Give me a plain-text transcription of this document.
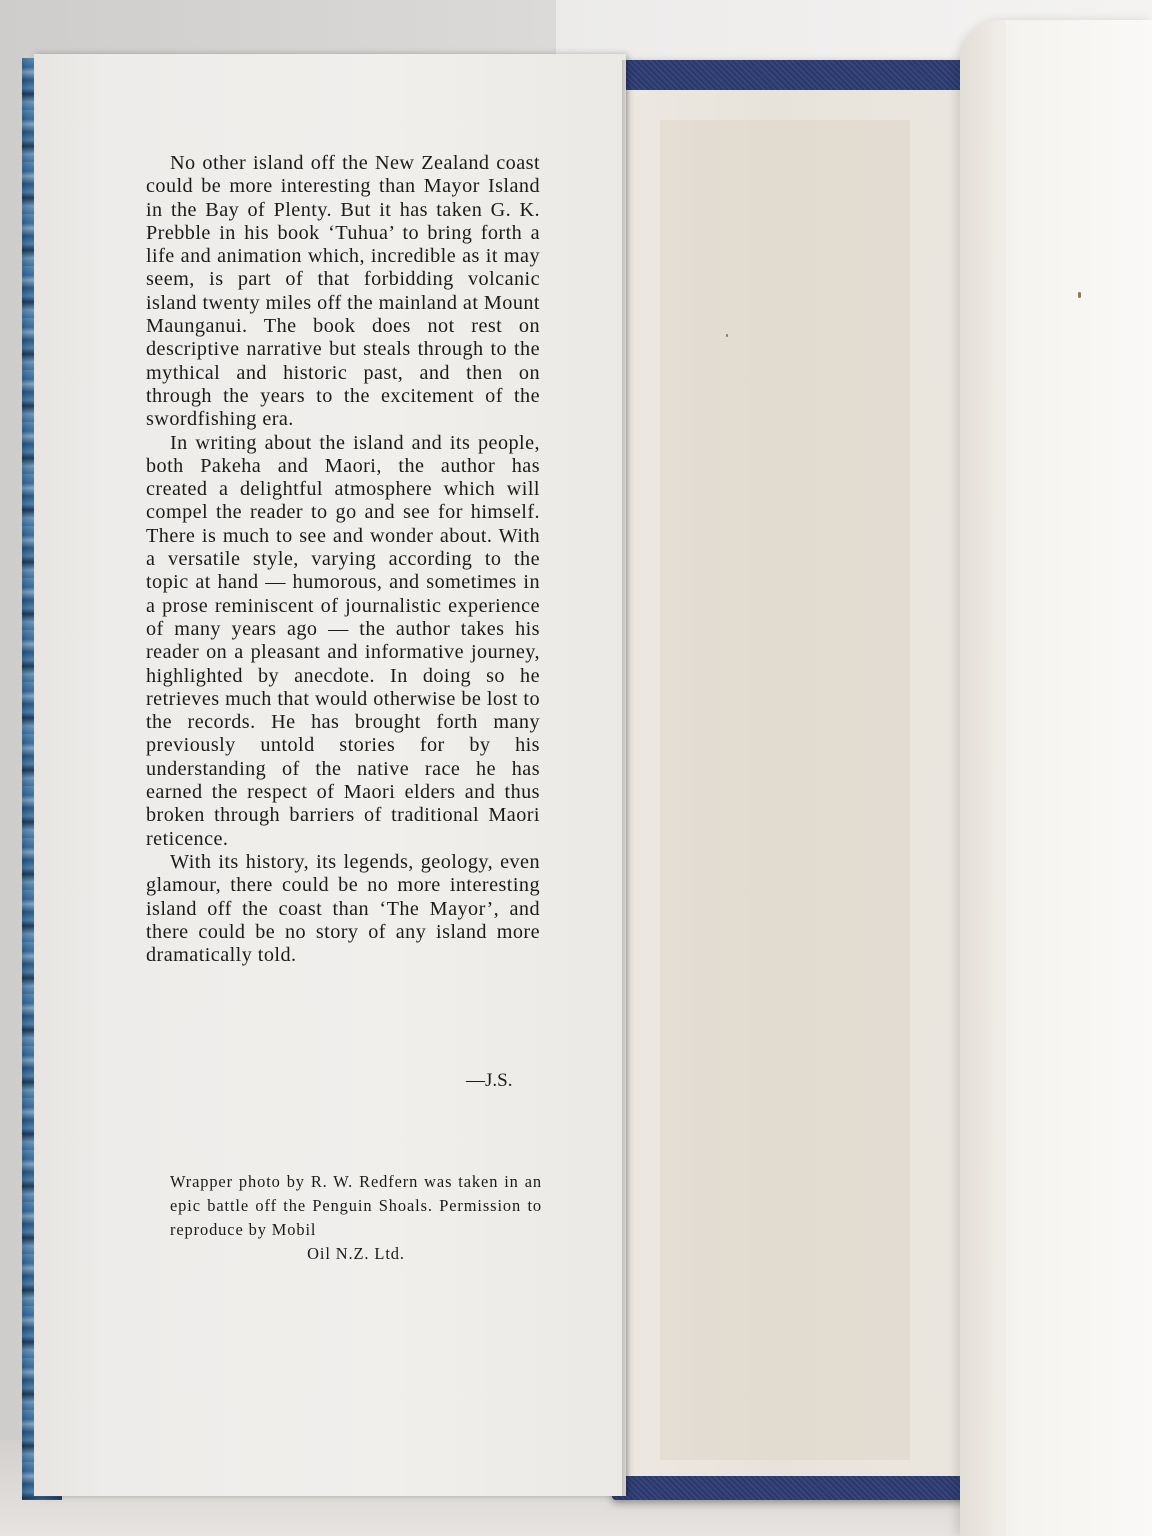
No other island off the New Zealand coast could be more interesting than Mayor Island in the Bay of Plenty. But it has taken G. K. Prebble in his book ‘Tuhua’ to bring forth a life and animation which, incredible as it may seem, is part of that forbidding volcanic island twenty miles off the mainland at Mount Maunganui. The book does not rest on descriptive narrative but steals through to the mythical and historic past, and then on through the years to the excitement of the swordfishing era.

In writing about the island and its people, both Pakeha and Maori, the author has created a delightful atmosphere which will compel the reader to go and see for himself. There is much to see and wonder about. With a versatile style, varying according to the topic at hand — humorous, and sometimes in a prose reminiscent of journalistic experience of many years ago — the author takes his reader on a pleasant and informative journey, highlighted by anecdote. In doing so he retrieves much that would otherwise be lost to the records. He has brought forth many previously untold stories for by his understanding of the native race he has earned the respect of Maori elders and thus broken through barriers of traditional Maori reticence.

With its history, its legends, geology, even glamour, there could be no more interesting island off the coast than ‘The Mayor’, and there could be no story of any island more dramatically told.

—J.S.
Wrapper photo by R. W. Redfern was taken in an epic battle off the Penguin Shoals. Permission to reproduce by Mobil
Oil N.Z. Ltd.
